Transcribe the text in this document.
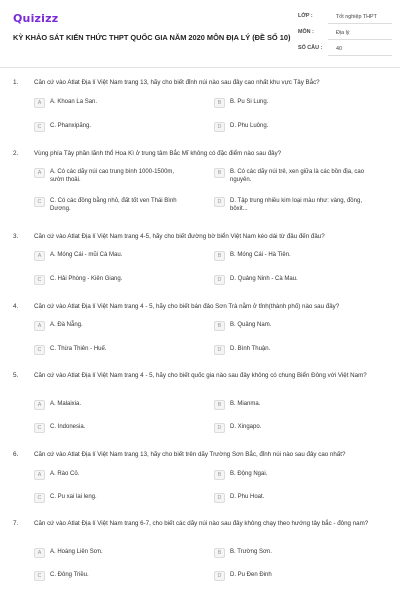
Quizizz
KỲ KHẢO SÁT KIẾN THỨC THPT QUỐC GIA NĂM 2020 MÔN ĐỊA LÝ (ĐỀ SỐ 10)
LỚP :	Tốt nghiệp THPT
MÔN :	Địa lý
SỐ CÂU :	40
1.	Căn cứ vào Atlat Địa lí Việt Nam trang 13, hãy cho biết đỉnh núi nào sau đây cao nhất khu vực Tây Bắc?
A	A. Khoan La San.	B	B. Pu Si Lung.
C	C. Phanxipăng.	D	D. Phu Luông.
2.	Vùng phía Tây phần lãnh thổ Hoa Kì ở trung tâm Bắc Mĩ không có đặc điểm nào sau đây?
A	A. Có các dãy núi cao trung bình 1000-1500m, sườn thoải.
B	B. Có các dãy núi trẻ, xen giữa là các bồn địa, cao nguyên.
C	C. Có các đồng bằng nhỏ, đất tốt ven Thái Bình Dương.
D	D. Tập trung nhiều kim loại màu như: vàng, đồng, bôxit...
3.	Căn cứ vào Atlat Địa lí Việt Nam trang 4-5, hãy cho biết đường bờ biển Việt Nam kéo dài từ đâu đến đâu?
A	A. Móng Cái - mũi Cà Mau.	B	B. Móng Cái - Hà Tiên.
C	C. Hải Phòng - Kiên Giang.	D	D. Quảng Ninh - Cà Mau.
4.	Căn cứ vào Atlat Địa lí Việt Nam trang 4 - 5, hãy cho biết bán đảo Sơn Trà nằm ở tỉnh(thành phố) nào sau đây?
A	A. Đà Nẵng.	B	B. Quảng Nam.
C	C. Thừa Thiên - Huế.	D	D. Bình Thuận.
5.	Căn cứ vào Atlat Địa lí Việt Nam trang 4 - 5, hãy cho biết quốc gia nào sau đây không có chung Biển Đông với Việt Nam?
A	A. Malaixia.	B	B. Mianma.
C	C. Indonesia.	D	D. Xingapo.
6.	Căn cứ vào Atlat Địa lí Việt Nam trang 13, hãy cho biết trên dãy Trường Sơn Bắc, đỉnh núi nào sau đây cao nhất?
A	A. Rào Cỏ.	B	B. Động Ngai.
C	C. Pu xai lai leng.	D	D. Phu Hoat.
7.	Căn cứ vào Atlat Địa lí Việt Nam trang 6-7, cho biết các dãy núi nào sau đây không chạy theo hướng tây bắc - đông nam?
A	A. Hoàng Liên Sơn.	B	B. Trường Sơn.
C	C. Đông Triều.	D	D. Pu Đen Đinh
